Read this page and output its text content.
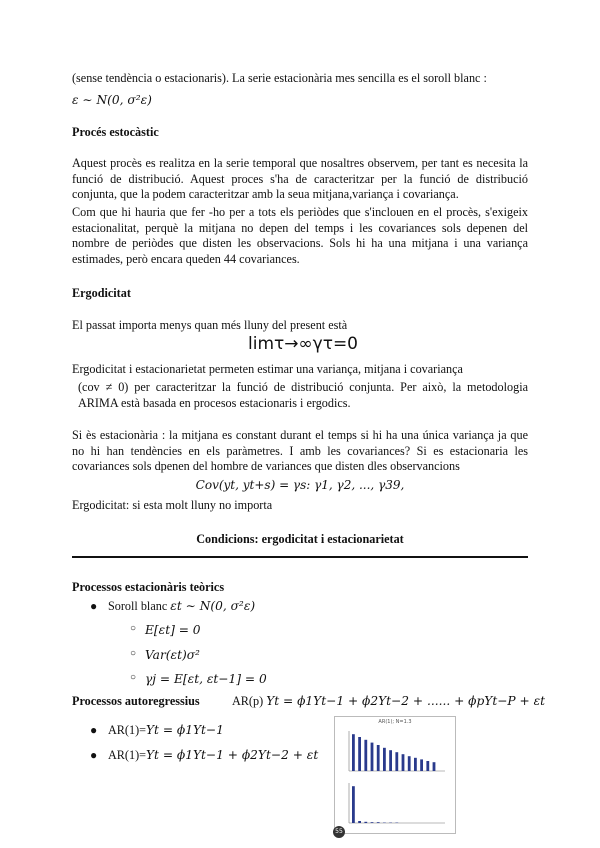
(sense tendència o estacionaris). La serie estacionària mes sencilla es el soroll blanc :
ε ∼ N(0, σ²ε)
Procés estocàstic
Aquest procès es realitza en la serie temporal que nosaltres observem, per tant es necesita la funció de distribució. Aquest proces s'ha de caracteritzar per la funció de distribució conjunta, que la podem caracteritzar amb la seua mitjana,variança i covariança.
Com que hi hauria que fer -ho per a tots els periòdes que s'inclouen en el procès, s'exigeix estacionalitat, perquè la mitjana no depen del temps i les covariances sols depenen del nombre de periòdes que disten les observacions. Sols hi ha una mitjana i una variança estimades, però encara queden 44 covariances.
Ergodicitat
El passat importa menys quan més lluny del present està
limτ→∞γτ=0
Ergodicitat i estacionarietat permeten estimar una variança, mitjana i covariança
(cov ≠ 0) per caracteritzar la funció de distribució conjunta. Per això, la metodologia ARIMA està basada en procesos estacionaris i ergodics.
Si ès estacionària : la mitjana es constant durant el temps si hi ha una única variança ja que no hi han tendències en els paràmetres. I amb les covariances? Si es estacionaria les covariances sols dpenen del hombre de variances que disten dles observancions
Cov(yt, yt+s) = γs: γ1, γ2, ..., γ39,
Ergodicitat: si esta molt lluny no importa
Condicions: ergodicitat i estacionarietat
Processos estacionàris teòrics
● Soroll blanc εt ∼ N(0, σ²ε)
○ E[εt] = 0
○ Var(εt)σ²
○ γj = E[εt, εt−1] = 0
Processos autoregressius	AR(p) Yt = ϕ1Yt−1 + ϕ2Yt−2 + ...... + ϕpYt−P + εt
● AR(1)=Yt = ϕ1Yt−1
● AR(1)=Yt = ϕ1Yt−1 + ϕ2Yt−2 + εt
AR(1); N=1.3
55
